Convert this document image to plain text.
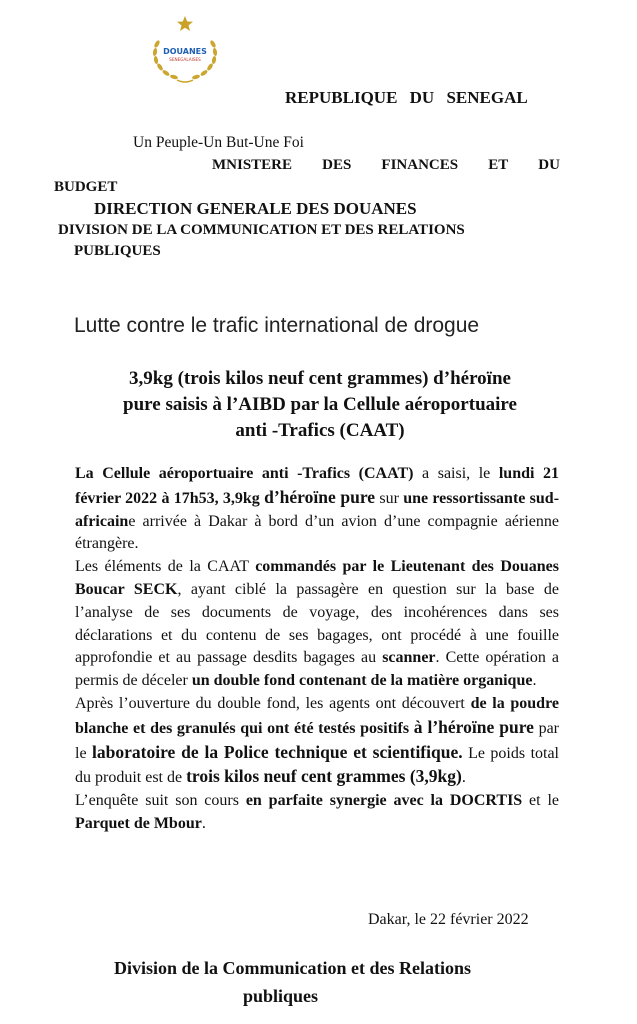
DOUANES
SENEGALAISES
REPUBLIQUE DU SENEGAL
Un Peuple-Un But-Une Foi
MNISTERE DES FINANCES ET DU
BUDGET
DIRECTION GENERALE DES DOUANES
DIVISION DE LA COMMUNICATION ET DES RELATIONS
PUBLIQUES
Lutte contre le trafic international de drogue
3,9kg (trois kilos neuf cent grammes) d’héroïne
pure saisis à l’AIBD par la Cellule aéroportuaire
anti -Trafics (CAAT)

La Cellule aéroportuaire anti -Trafics (CAAT) a saisi, le lundi 21 février 2022 à 17h53, 3,9kg d’héroïne pure sur une ressortissante sud-africaine arrivée à Dakar à bord d’un avion d’une compagnie aérienne étrangère.

Les éléments de la CAAT commandés par le Lieutenant des Douanes Boucar SECK, ayant ciblé la passagère en question sur la base de l’analyse de ses documents de voyage, des incohérences dans ses déclarations et du contenu de ses bagages, ont procédé à une fouille approfondie et au passage desdits bagages au scanner. Cette opération a permis de déceler un double fond contenant de la matière organique.

Après l’ouverture du double fond, les agents ont découvert de la poudre blanche et des granulés qui ont été testés positifs à l’héroïne pure par le laboratoire de la Police technique et scientifique. Le poids total du produit est de trois kilos neuf cent grammes (3,9kg).

L’enquête suit son cours en parfaite synergie avec la DOCRTIS et le Parquet de Mbour.

Dakar, le 22 février 2022
Division de la Communication et des Relations
publiques
